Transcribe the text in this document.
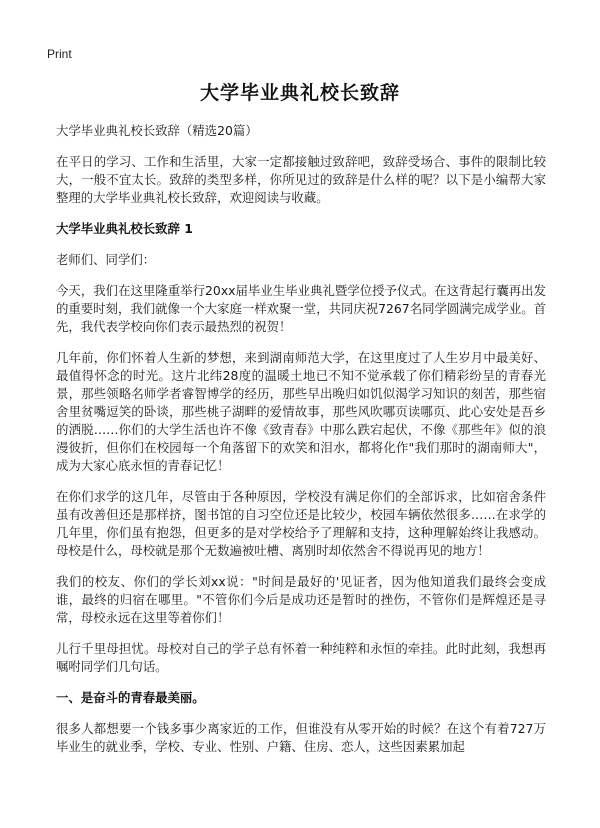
Print
大学毕业典礼校长致辞

大学毕业典礼校长致辞（精选20篇）

在平日的学习、工作和生活里，大家一定都接触过致辞吧，致辞受场合、事件的限制比较大，一般不宜太长。致辞的类型多样，你所见过的致辞是什么样的呢？以下是小编帮大家整理的大学毕业典礼校长致辞，欢迎阅读与收藏。

大学毕业典礼校长致辞 1

老师们、同学们：

今天，我们在这里隆重举行20xx届毕业生毕业典礼暨学位授予仪式。在这背起行囊再出发的重要时刻，我们就像一个大家庭一样欢聚一堂，共同庆祝7267名同学圆满完成学业。首先，我代表学校向你们表示最热烈的祝贺！

几年前，你们怀着人生新的梦想，来到湖南师范大学，在这里度过了人生岁月中最美好、最值得怀念的时光。这片北纬28度的温暖土地已不知不觉承载了你们精彩纷呈的青春光景，那些领略名师学者睿智博学的经历，那些早出晚归如饥似渴学习知识的刻苦，那些宿舍里贫嘴逗笑的卧谈，那些桃子湖畔的爱情故事，那些风吹哪页读哪页、此心安处是吾乡的洒脱……你们的大学生活也许不像《致青春》中那么跌宕起伏，不像《那些年》似的浪漫彼折，但你们在校园每一个角落留下的欢笑和泪水，都将化作"我们那时的湖南师大"，成为大家心底永恒的青春记忆！

在你们求学的这几年，尽管由于各种原因，学校没有满足你们的全部诉求，比如宿舍条件虽有改善但还是那样挤，图书馆的自习空位还是比较少，校园车辆依然很多……在求学的几年里，你们虽有抱怨，但更多的是对学校给予了理解和支持，这种理解始终让我感动。母校是什么，母校就是那个无数遍被吐槽、离别时却依然舍不得说再见的地方！

我们的校友、你们的学长刘xx说："时间是最好的'见证者，因为他知道我们最终会变成谁，最终的归宿在哪里。"不管你们今后是成功还是暂时的挫伤，不管你们是辉煌还是寻常，母校永远在这里等着你们！

儿行千里母担忧。母校对自己的学子总有怀着一种纯粹和永恒的牵挂。此时此刻，我想再嘱咐同学们几句话。

一、是奋斗的青春最美丽。

很多人都想要一个钱多事少离家近的工作，但谁没有从零开始的时候？在这个有着727万毕业生的就业季，学校、专业、性别、户籍、住房、恋人，这些因素累加起
